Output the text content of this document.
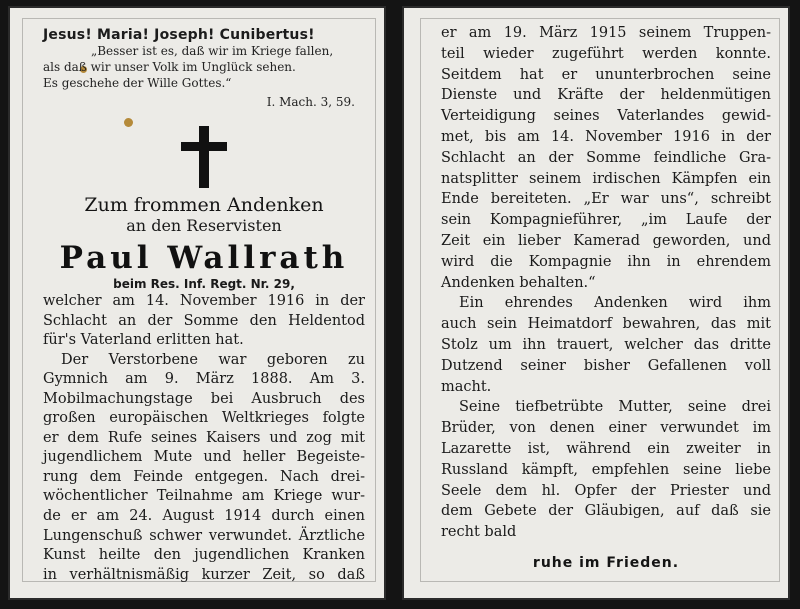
Jesus! Maria! Joseph! Cunibertus!
„Besser ist es, daß wir im Kriege fallen,
als daß wir unser Volk im Unglück sehen.
Es geschehe der Wille Gottes.“
I. Mach. 3, 59.
Zum frommen Andenken
an den Reservisten
Paul Wallrath
beim Res. Inf. Regt. Nr. 29,
welcher am 14. November 1916 in der
Schlacht an der Somme den Heldentod
für's Vaterland erlitten hat.
Der Verstorbene war geboren zu
Gymnich am 9. März 1888. Am 3.
Mobilmachungstage bei Ausbruch des
großen europäischen Weltkrieges folgte
er dem Rufe seines Kaisers und zog mit
jugendlichem Mute und heller Begeiste-
rung dem Feinde entgegen. Nach drei-
wöchentlicher Teilnahme am Kriege wur-
de er am 24. August 1914 durch einen
Lungenschuß schwer verwundet. Ärztliche
Kunst heilte den jugendlichen Kranken
in verhältnismäßig kurzer Zeit, so daß
er am 19. März 1915 seinem Truppen-
teil wieder zugeführt werden konnte.
Seitdem hat er ununterbrochen seine
Dienste und Kräfte der heldenmütigen
Verteidigung seines Vaterlandes gewid-
met, bis am 14. November 1916 in der
Schlacht an der Somme feindliche Gra-
natsplitter seinem irdischen Kämpfen ein
Ende bereiteten. „Er war uns“, schreibt
sein Kompagnieführer, „im Laufe der
Zeit ein lieber Kamerad geworden, und
wird die Kompagnie ihn in ehrendem
Andenken behalten.“
Ein ehrendes Andenken wird ihm
auch sein Heimatdorf bewahren, das mit
Stolz um ihn trauert, welcher das dritte
Dutzend seiner bisher Gefallenen voll
macht.
Seine tiefbetrübte Mutter, seine drei
Brüder, von denen einer verwundet im
Lazarette ist, während ein zweiter in
Russland kämpft, empfehlen seine liebe
Seele dem hl. Opfer der Priester und
dem Gebete der Gläubigen, auf daß sie
recht bald
ruhe im Frieden.
